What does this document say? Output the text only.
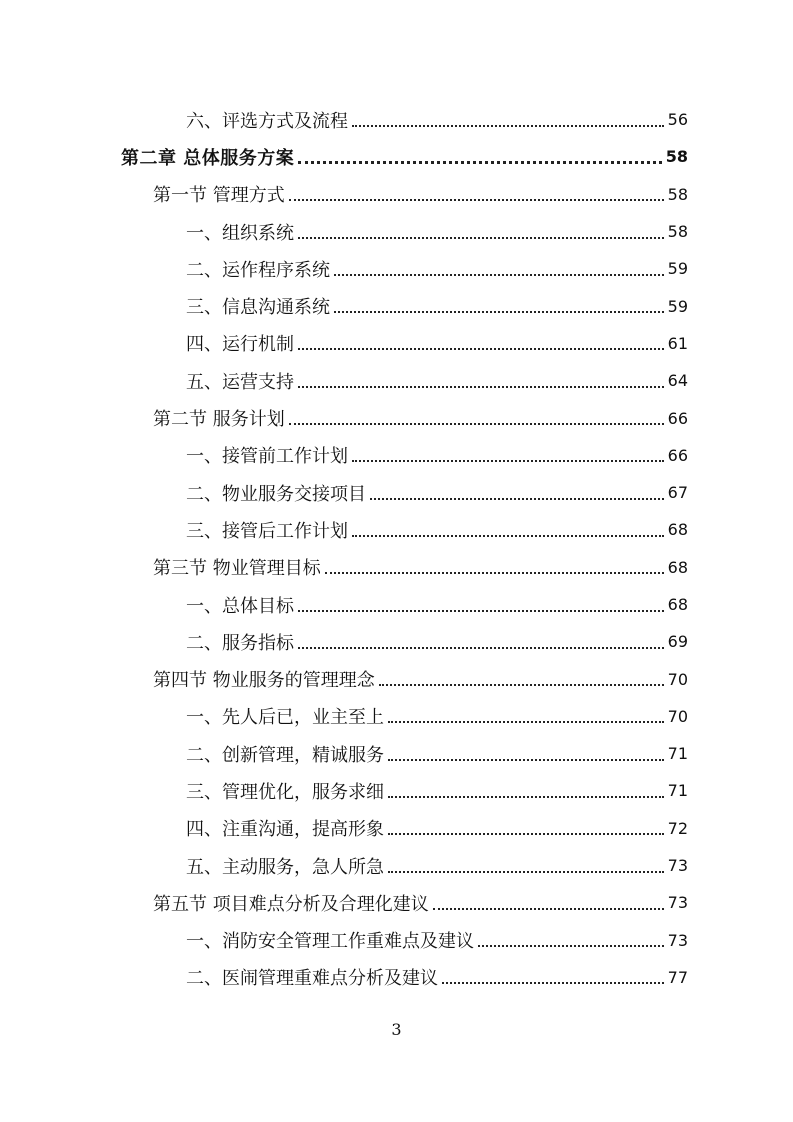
六、评选方式及流程	56
第二章 总体服务方案	58
第一节 管理方式	58
一、组织系统	58
二、运作程序系统	59
三、信息沟通系统	59
四、运行机制	61
五、运营支持	64
第二节 服务计划	66
一、接管前工作计划	66
二、物业服务交接项目	67
三、接管后工作计划	68
第三节 物业管理目标	68
一、总体目标	68
二、服务指标	69
第四节 物业服务的管理理念	70
一、先人后已，业主至上	70
二、创新管理，精诚服务	71
三、管理优化，服务求细	71
四、注重沟通，提高形象	72
五、主动服务，急人所急	73
第五节 项目难点分析及合理化建议	73
一、消防安全管理工作重难点及建议	73
二、医闹管理重难点分析及建议	77
3
